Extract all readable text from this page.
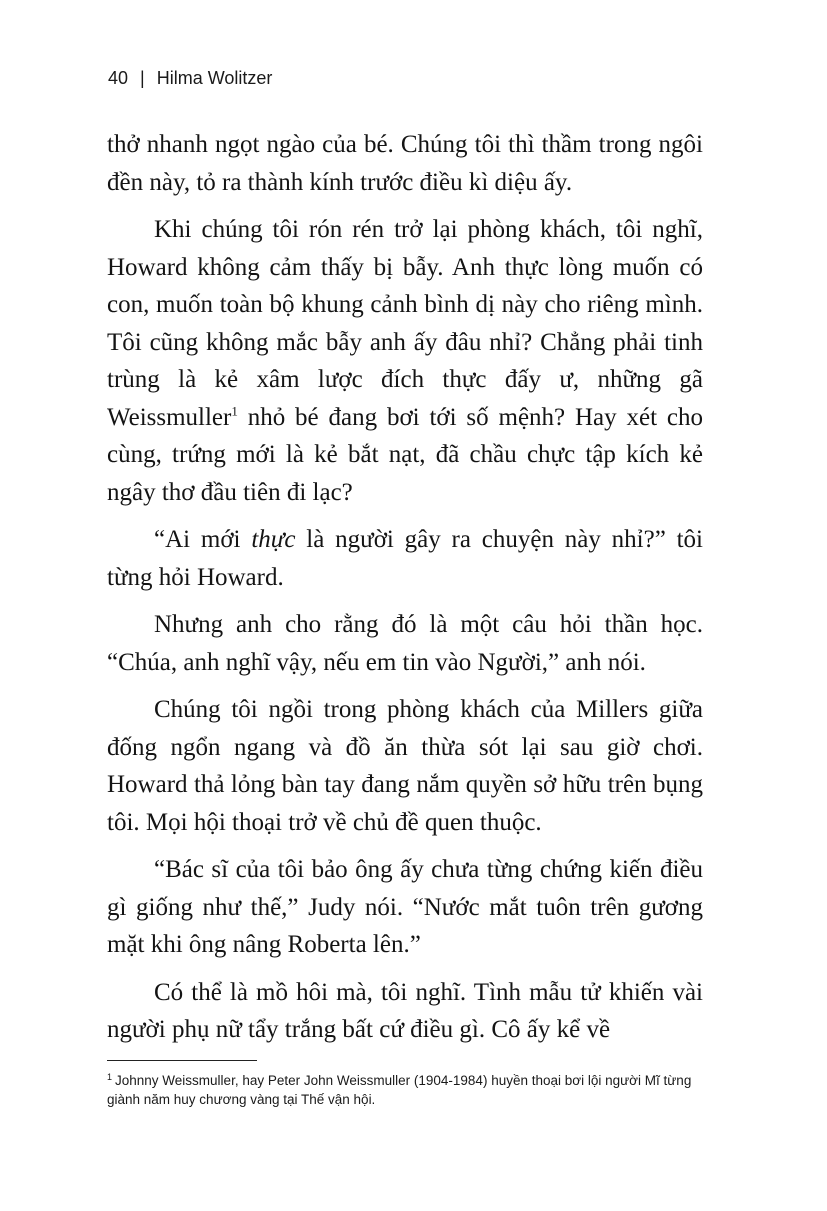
40 | Hilma Wolitzer

thở nhanh ngọt ngào của bé. Chúng tôi thì thầm trong ngôi đền này, tỏ ra thành kính trước điều kì diệu ấy.

Khi chúng tôi rón rén trở lại phòng khách, tôi nghĩ, Howard không cảm thấy bị bẫy. Anh thực lòng muốn có con, muốn toàn bộ khung cảnh bình dị này cho riêng mình. Tôi cũng không mắc bẫy anh ấy đâu nhỉ? Chẳng phải tinh trùng là kẻ xâm lược đích thực đấy ư, những gã Weissmuller$^1$ nhỏ bé đang bơi tới số mệnh? Hay xét cho cùng, trứng mới là kẻ bắt nạt, đã chầu chực tập kích kẻ ngây thơ đầu tiên đi lạc?

“Ai mới thực là người gây ra chuyện này nhỉ?” tôi từng hỏi Howard.

Nhưng anh cho rằng đó là một câu hỏi thần học. “Chúa, anh nghĩ vậy, nếu em tin vào Người,” anh nói.

Chúng tôi ngồi trong phòng khách của Millers giữa đống ngổn ngang và đồ ăn thừa sót lại sau giờ chơi. Howard thả lỏng bàn tay đang nắm quyền sở hữu trên bụng tôi. Mọi hội thoại trở về chủ đề quen thuộc.

“Bác sĩ của tôi bảo ông ấy chưa từng chứng kiến điều gì giống như thế,” Judy nói. “Nước mắt tuôn trên gương mặt khi ông nâng Roberta lên.”

Có thể là mồ hôi mà, tôi nghĩ. Tình mẫu tử khiến vài người phụ nữ tẩy trắng bất cứ điều gì. Cô ấy kể về

$^1$ Johnny Weissmuller, hay Peter John Weissmuller (1904-1984) huyền thoại bơi lội người Mĩ từng giành năm huy chương vàng tại Thế vận hội.
